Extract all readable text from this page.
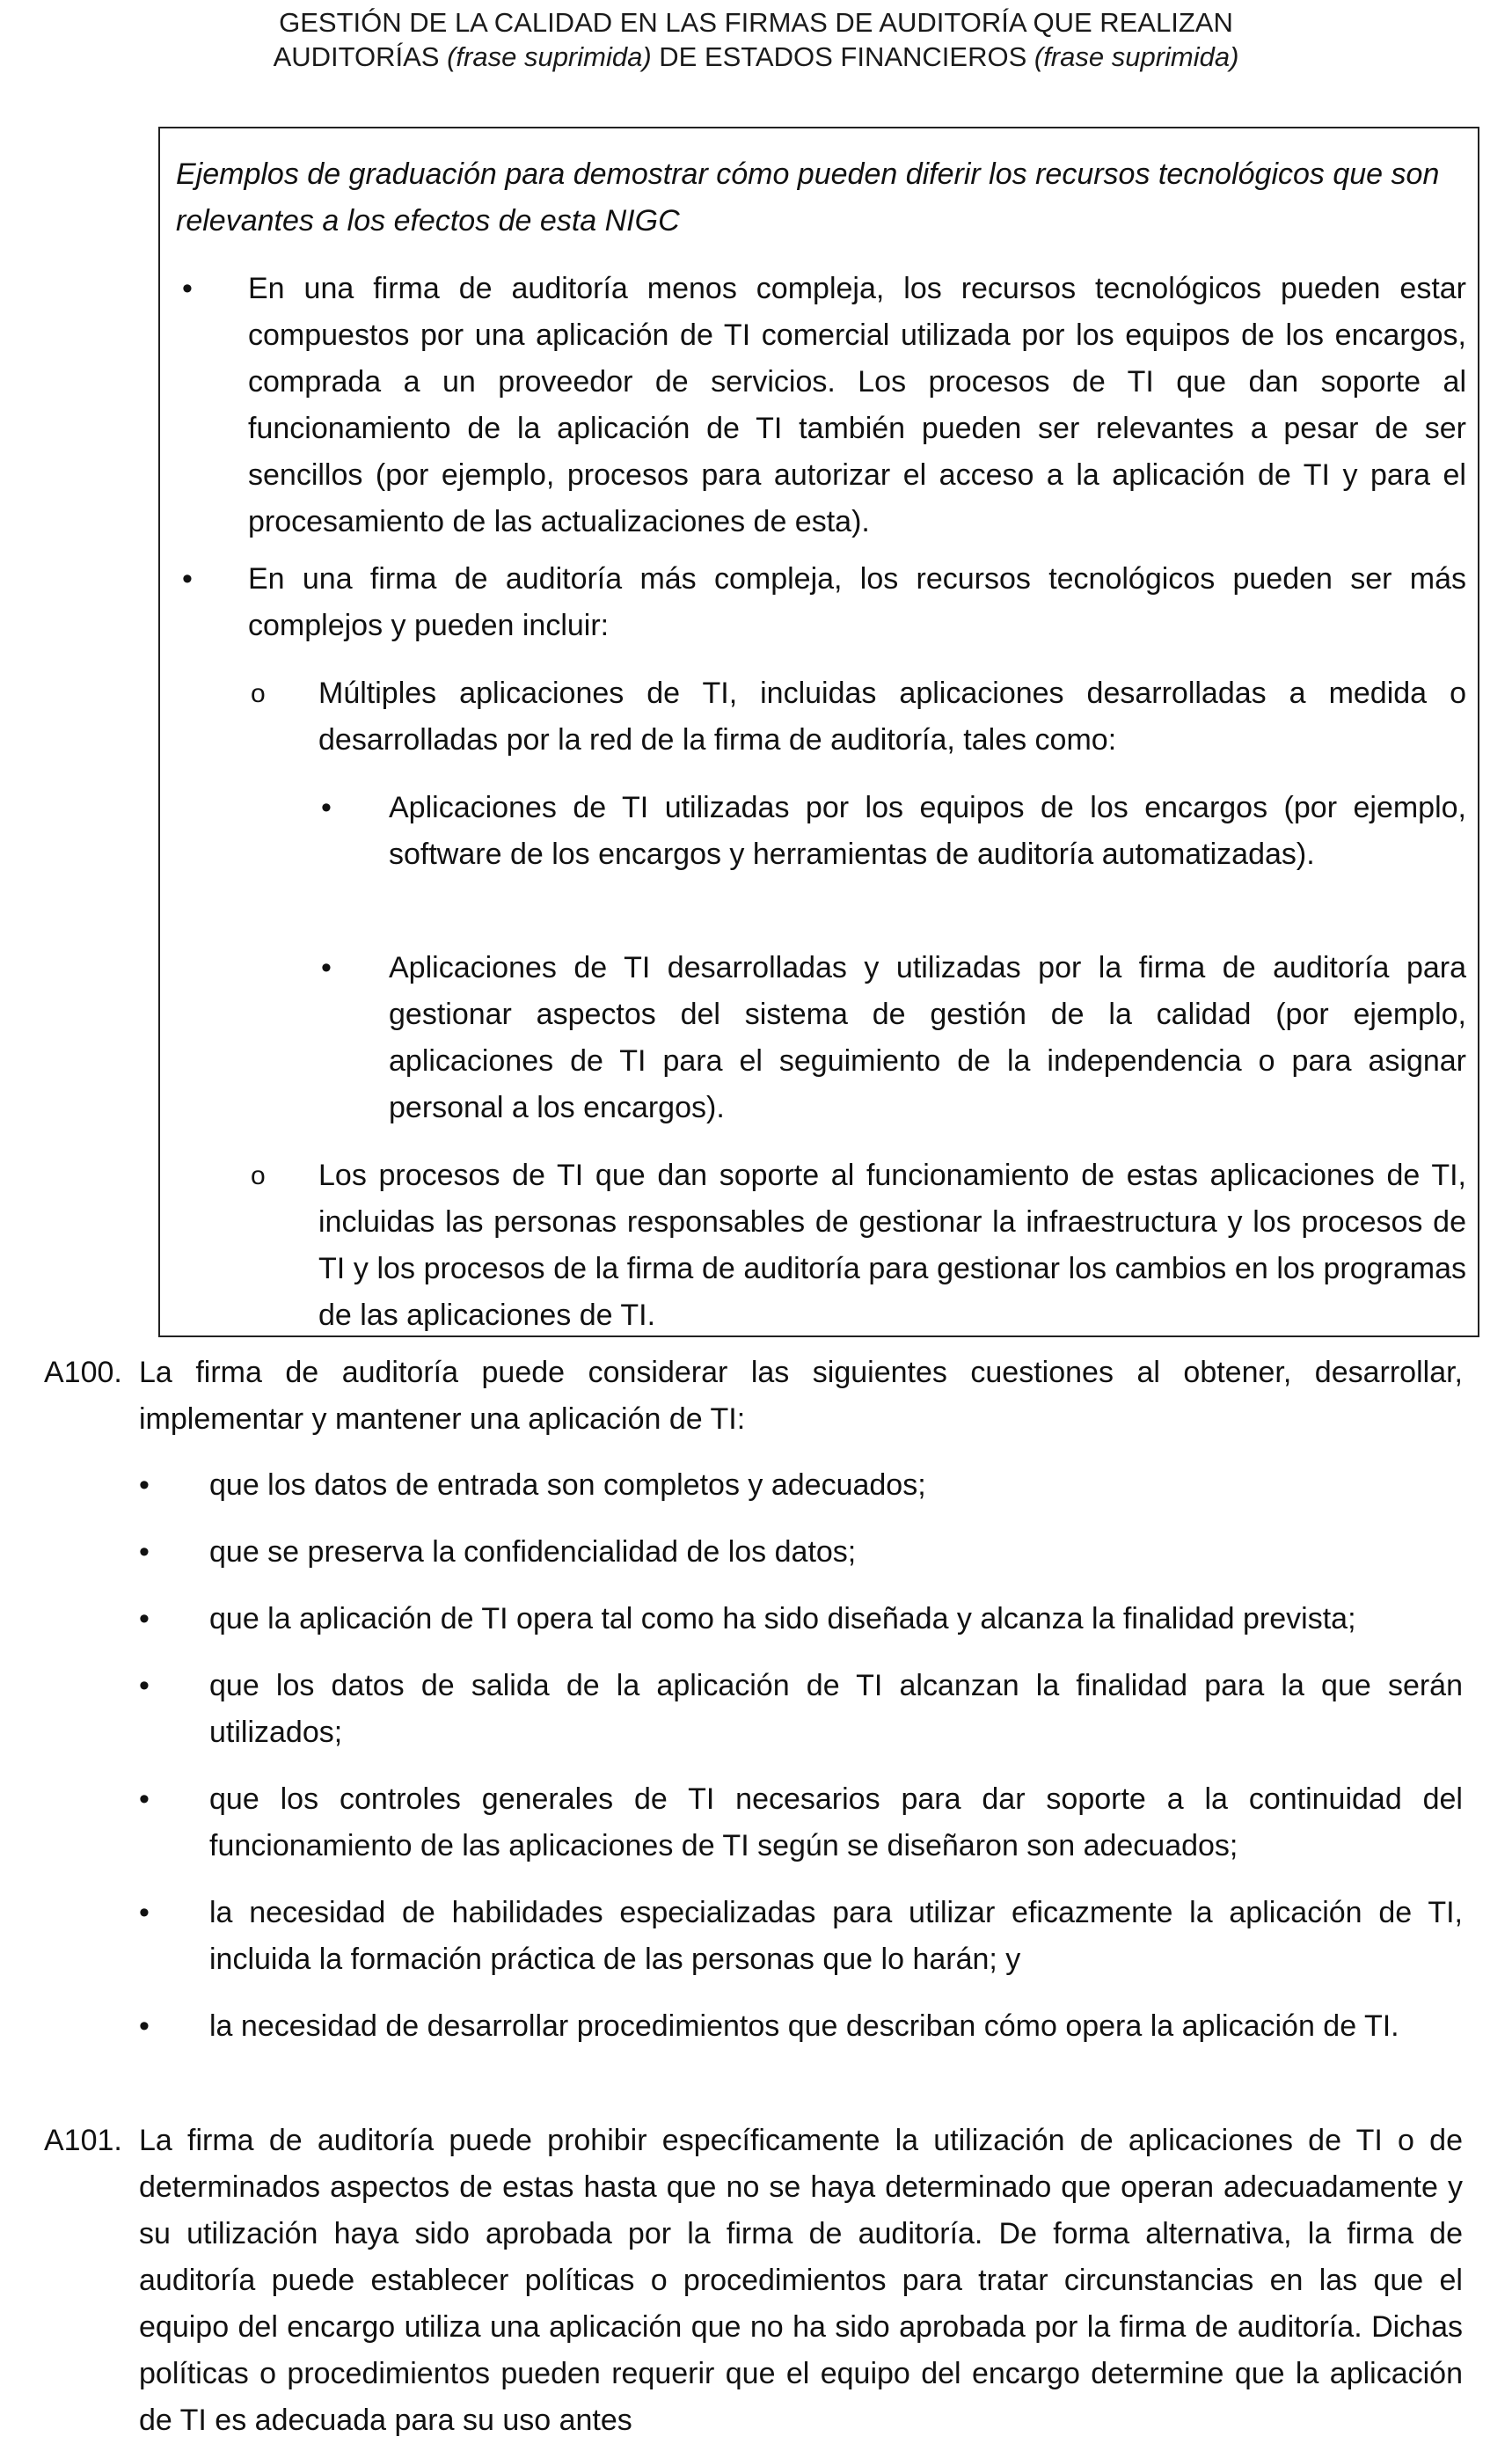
GESTIÓN DE LA CALIDAD EN LAS FIRMAS DE AUDITORÍA QUE REALIZAN
AUDITORÍAS (frase suprimida) DE ESTADOS FINANCIEROS (frase suprimida)
Ejemplos de graduación para demostrar cómo pueden diferir los recursos tecnológicos que son relevantes a los efectos de esta NIGC
• En una firma de auditoría menos compleja, los recursos tecnológicos pueden estar compuestos por una aplicación de TI comercial utilizada por los equipos de los encargos, comprada a un proveedor de servicios. Los procesos de TI que dan soporte al funcionamiento de la aplicación de TI también pueden ser relevantes a pesar de ser sencillos (por ejemplo, procesos para autorizar el acceso a la aplicación de TI y para el procesamiento de las actualizaciones de esta).
• En una firma de auditoría más compleja, los recursos tecnológicos pueden ser más complejos y pueden incluir:
o Múltiples aplicaciones de TI, incluidas aplicaciones desarrolladas a medida o desarrolladas por la red de la firma de auditoría, tales como:
• Aplicaciones de TI utilizadas por los equipos de los encargos (por ejemplo, software de los encargos y herramientas de auditoría automatizadas).
• Aplicaciones de TI desarrolladas y utilizadas por la firma de auditoría para gestionar aspectos del sistema de gestión de la calidad (por ejemplo, aplicaciones de TI para el seguimiento de la independencia o para asignar personal a los encargos).
o Los procesos de TI que dan soporte al funcionamiento de estas aplicaciones de TI, incluidas las personas responsables de gestionar la infraestructura y los procesos de TI y los procesos de la firma de auditoría para gestionar los cambios en los programas de las aplicaciones de TI.
A100. La firma de auditoría puede considerar las siguientes cuestiones al obtener, desarrollar, implementar y mantener una aplicación de TI:
• que los datos de entrada son completos y adecuados;
• que se preserva la confidencialidad de los datos;
• que la aplicación de TI opera tal como ha sido diseñada y alcanza la finalidad prevista;
• que los datos de salida de la aplicación de TI alcanzan la finalidad para la que serán utilizados;
• que los controles generales de TI necesarios para dar soporte a la continuidad del funcionamiento de las aplicaciones de TI según se diseñaron son adecuados;
• la necesidad de habilidades especializadas para utilizar eficazmente la aplicación de TI, incluida la formación práctica de las personas que lo harán; y
• la necesidad de desarrollar procedimientos que describan cómo opera la aplicación de TI.
A101. La firma de auditoría puede prohibir específicamente la utilización de aplicaciones de TI o de determinados aspectos de estas hasta que no se haya determinado que operan adecuadamente y su utilización haya sido aprobada por la firma de auditoría. De forma alternativa, la firma de auditoría puede establecer políticas o procedimientos para tratar circunstancias en las que el equipo del encargo utiliza una aplicación que no ha sido aprobada por la firma de auditoría. Dichas políticas o procedimientos pueden requerir que el equipo del encargo determine que la aplicación de TI es adecuada para su uso antes
